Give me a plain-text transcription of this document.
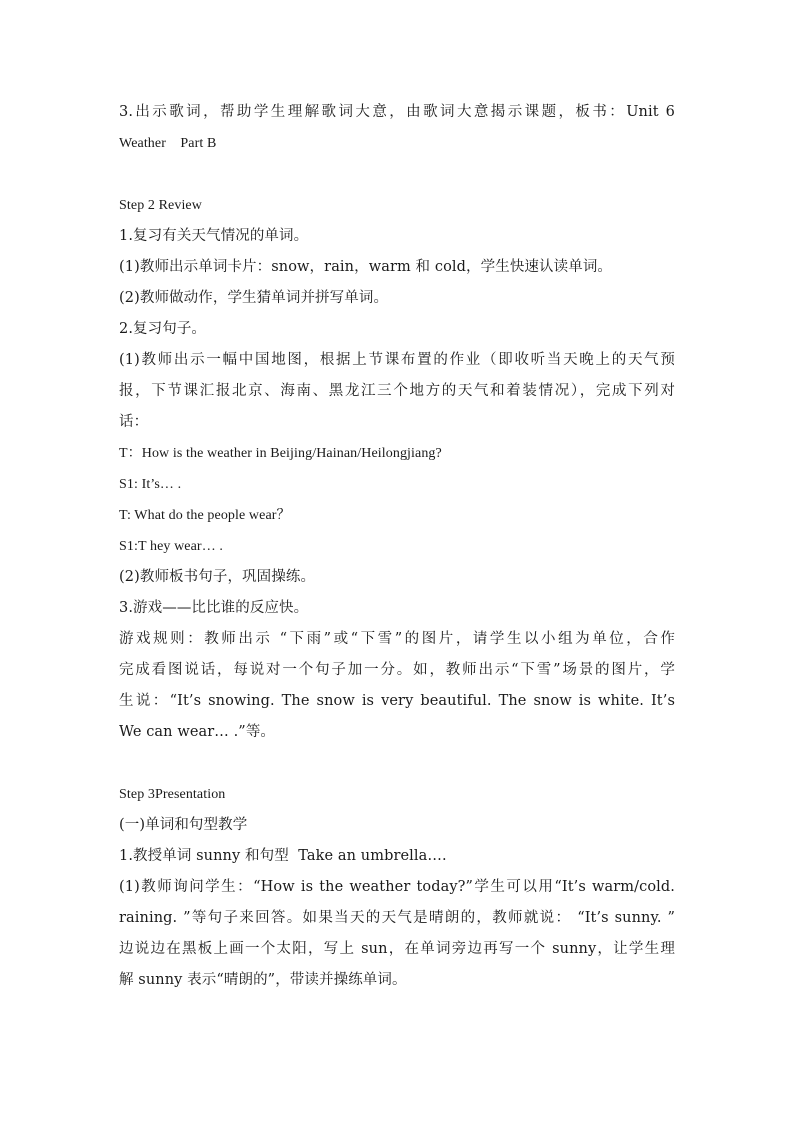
3.出示歌词，帮助学生理解歌词大意，由歌词大意揭示课题，板书：Unit 6
Weather    Part B
Step 2 Review
1.复习有关天气情况的单词。
(1)教师出示单词卡片：snow，rain，warm 和 cold，学生快速认读单词。
(2)教师做动作，学生猜单词并拼写单词。
2.复习句子。
(1)教师出示一幅中国地图，根据上节课布置的作业（即收听当天晚上的天气预
报，下节课汇报北京、海南、黑龙江三个地方的天气和着装情况），完成下列对
话：
T：How is the weather in Beijing/Hainan/Heilongjiang?
S1: It’s… .
T: What do the people wear？
S1:T hey wear… .
(2)教师板书句子，巩固操练。
3.游戏——比比谁的反应快。
游戏规则：教师出示 “下雨”或“下雪”的图片，请学生以小组为单位，合作
完成看图说话，每说对一个句子加一分。如，教师出示“下雪”场景的图片，学
生说：“It’s snowing. The snow is very beautiful. The snow is white. It’s
We can wear… .”等。
Step 3Presentation
(一)单词和句型教学
1.教授单词 sunny 和句型  Take an umbrella….
(1)教师询问学生：“How is the weather today?”学生可以用“It’s warm/cold.
raining. ”等句子来回答。如果当天的天气是晴朗的，教师就说： “It’s sunny. ”
边说边在黑板上画一个太阳，写上 sun，在单词旁边再写一个 sunny，让学生理
解 sunny 表示“晴朗的”，带读并操练单词。
